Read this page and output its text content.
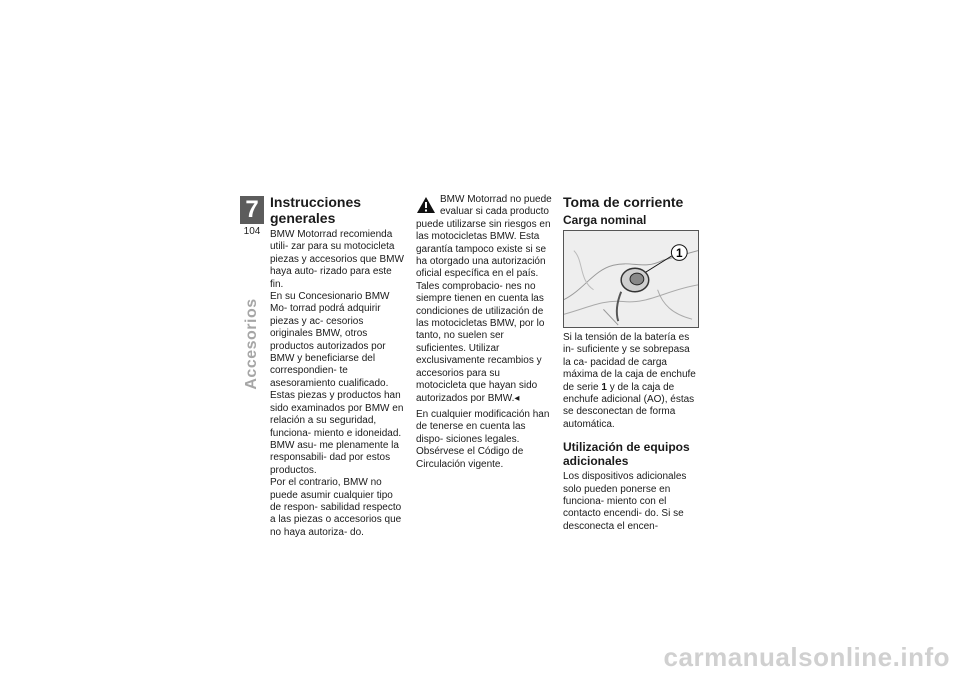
7
104
Accesorios
Instrucciones generales

BMW Motorrad recomienda utili- zar para su motocicleta piezas y accesorios que BMW haya auto- rizado para este fin.

En su Concesionario BMW Mo- torrad podrá adquirir piezas y ac- cesorios originales BMW, otros productos autorizados por BMW y beneficiarse del correspondien- te asesoramiento cualificado.

Estas piezas y productos han sido examinados por BMW en relación a su seguridad, funciona- miento e idoneidad. BMW asu- me plenamente la responsabili- dad por estos productos.

Por el contrario, BMW no puede asumir cualquier tipo de respon- sabilidad respecto a las piezas o accesorios que no haya autoriza- do.

BMW Motorrad no puede evaluar si cada producto

puede utilizarse sin riesgos en las motocicletas BMW. Esta garantía tampoco existe si se ha otorgado una autorización oficial específica en el país. Tales comprobacio- nes no siempre tienen en cuenta las condiciones de utilización de las motocicletas BMW, por lo tanto, no suelen ser suficientes. Utilizar exclusivamente recambios y accesorios para su motocicleta que hayan sido autorizados por BMW.◂

En cualquier modificación han de tenerse en cuenta las dispo- siciones legales. Obsérvese el Código de Circulación vigente.

Toma de corriente
Carga nominal
1

Si la tensión de la batería es in- suficiente y se sobrepasa la ca- pacidad de carga máxima de la caja de enchufe de serie 1 y de la caja de enchufe adicional (AO), éstas se desconectan de forma automática.

Utilización de equipos adicionales

Los dispositivos adicionales solo pueden ponerse en funciona- miento con el contacto encendi- do. Si se desconecta el encen-

carmanualsonline.info
